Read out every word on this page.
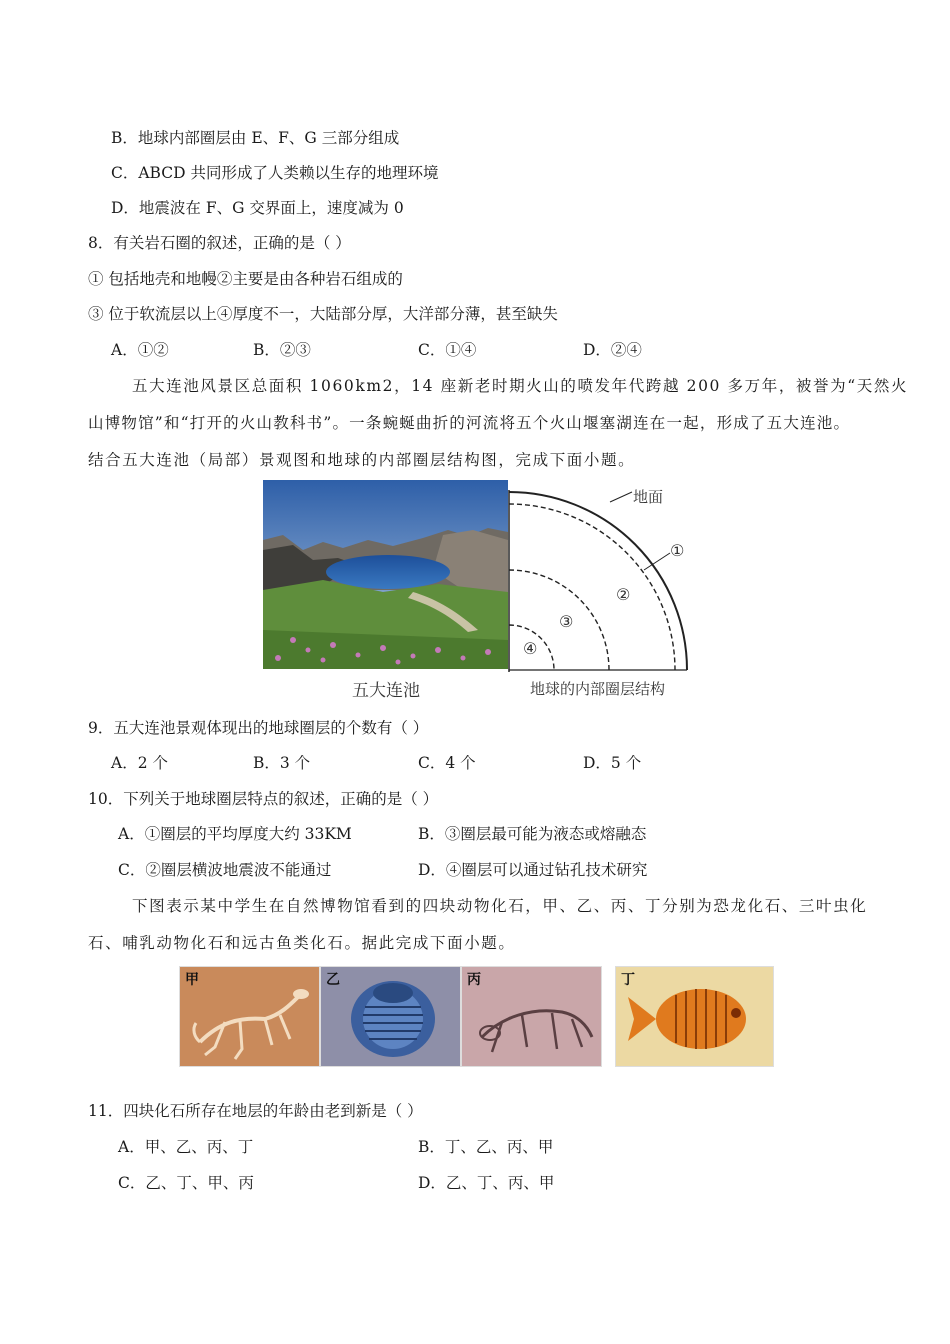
B．地球内部圈层由 E、F、G 三部分组成
C．ABCD 共同形成了人类赖以生存的地理环境
D．地震波在 F、G 交界面上，速度减为 0
8．有关岩石圈的叙述，正确的是（ ）
① 包括地壳和地幔②主要是由各种岩石组成的
③ 位于软流层以上④厚度不一，大陆部分厚，大洋部分薄，甚至缺失
A．①②	B．②③	C．①④	D．②④
五大连池风景区总面积 1060km2，14 座新老时期火山的喷发年代跨越 200 多万年，被誉为“天然火
山博物馆”和“打开的火山教科书”。一条蜿蜒曲折的河流将五个火山堰塞湖连在一起，形成了五大连池。
结合五大连池（局部）景观图和地球的内部圈层结构图，完成下面小题。
五大连池
地面
①
②
③
④
地球的内部圈层结构
9．五大连池景观体现出的地球圈层的个数有（ ）
A．2 个	B．3 个	C．4 个	D．5 个
10．下列关于地球圈层特点的叙述，正确的是（ ）
A．①圈层的平均厚度大约 33KM	B．③圈层最可能为液态或熔融态
C．②圈层横波地震波不能通过	D．④圈层可以通过钻孔技术研究
下图表示某中学生在自然博物馆看到的四块动物化石，甲、乙、丙、丁分别为恐龙化石、三叶虫化
石、哺乳动物化石和远古鱼类化石。据此完成下面小题。
甲	乙	丙	丁
11．四块化石所存在地层的年龄由老到新是（ ）
A．甲、乙、丙、丁	B．丁、乙、丙、甲
C．乙、丁、甲、丙	D．乙、丁、丙、甲
